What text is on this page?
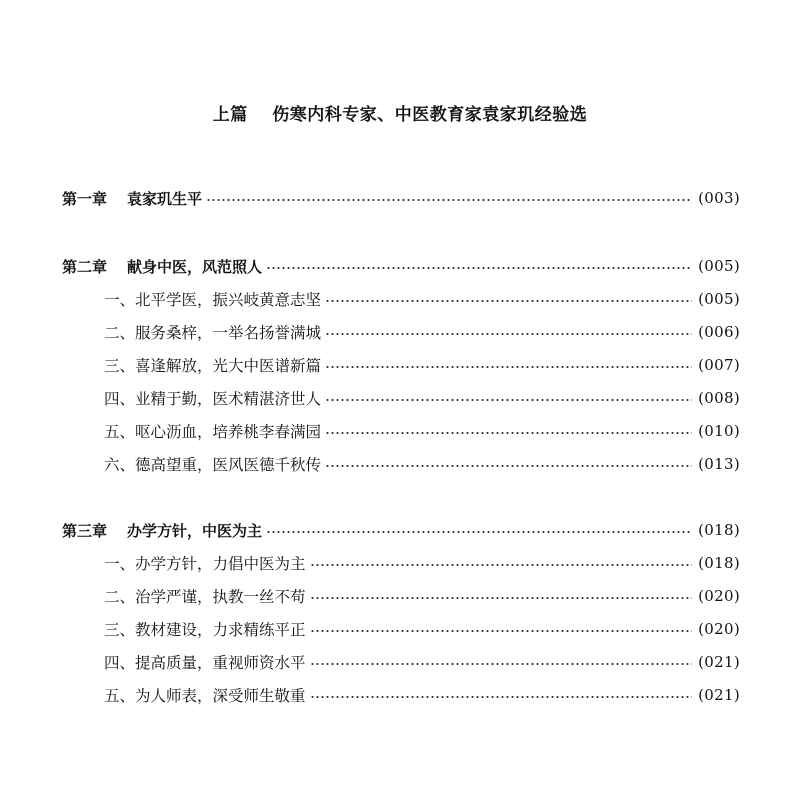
上篇 伤寒内科专家、中医教育家袁家玑经验选
第一章 袁家玑生平	(003)
第二章 献身中医，风范照人	(005)
一、北平学医，振兴岐黄意志坚	(005)
二、服务桑梓，一举名扬誉满城	(006)
三、喜逢解放，光大中医谱新篇	(007)
四、业精于勤，医术精湛济世人	(008)
五、呕心沥血，培养桃李春满园	(010)
六、德高望重，医风医德千秋传	(013)
第三章 办学方针，中医为主	(018)
一、办学方针，力倡中医为主	(018)
二、治学严谨，执教一丝不苟	(020)
三、教材建设，力求精练平正	(020)
四、提高质量，重视师资水平	(021)
五、为人师表，深受师生敬重	(021)
